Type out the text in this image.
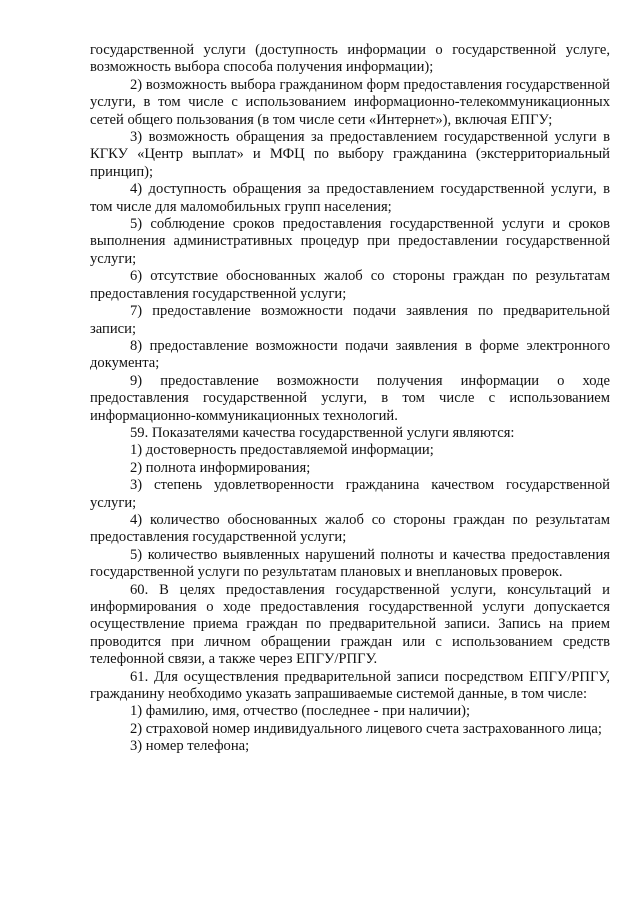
государственной услуги (доступность информации о государственной услуге, возможность выбора способа получения информации);

2) возможность выбора гражданином форм предоставления государственной услуги, в том числе с использованием информационно-телекоммуникационных сетей общего пользования (в том числе сети «Интернет»), включая ЕПГУ;

3) возможность обращения за предоставлением государственной услуги в КГКУ «Центр выплат» и МФЦ по выбору гражданина (экстерриториальный принцип);

4) доступность обращения за предоставлением государственной услуги, в том числе для маломобильных групп населения;

5) соблюдение сроков предоставления государственной услуги и сроков выполнения административных процедур при предоставлении государственной услуги;

6) отсутствие обоснованных жалоб со стороны граждан по результатам предоставления государственной услуги;

7) предоставление возможности подачи заявления по предварительной записи;

8) предоставление возможности подачи заявления в форме электронного документа;

9) предоставление возможности получения информации о ходе предоставления государственной услуги, в том числе с использованием информационно-коммуникационных технологий.

59. Показателями качества государственной услуги являются:

1) достоверность предоставляемой информации;

2) полнота информирования;

3) степень удовлетворенности гражданина качеством государственной услуги;

4) количество обоснованных жалоб со стороны граждан по результатам предоставления государственной услуги;

5) количество выявленных нарушений полноты и качества предоставления государственной услуги по результатам плановых и внеплановых проверок.

60. В целях предоставления государственной услуги, консультаций и информирования о ходе предоставления государственной услуги допускается осуществление приема граждан по предварительной записи. Запись на прием проводится при личном обращении граждан или с использованием средств телефонной связи, а также через ЕПГУ/РПГУ.

61. Для осуществления предварительной записи посредством ЕПГУ/РПГУ, гражданину необходимо указать запрашиваемые системой данные, в том числе:

1) фамилию, имя, отчество (последнее - при наличии);

2) страховой номер индивидуального лицевого счета застрахованного лица;

3) номер телефона;
